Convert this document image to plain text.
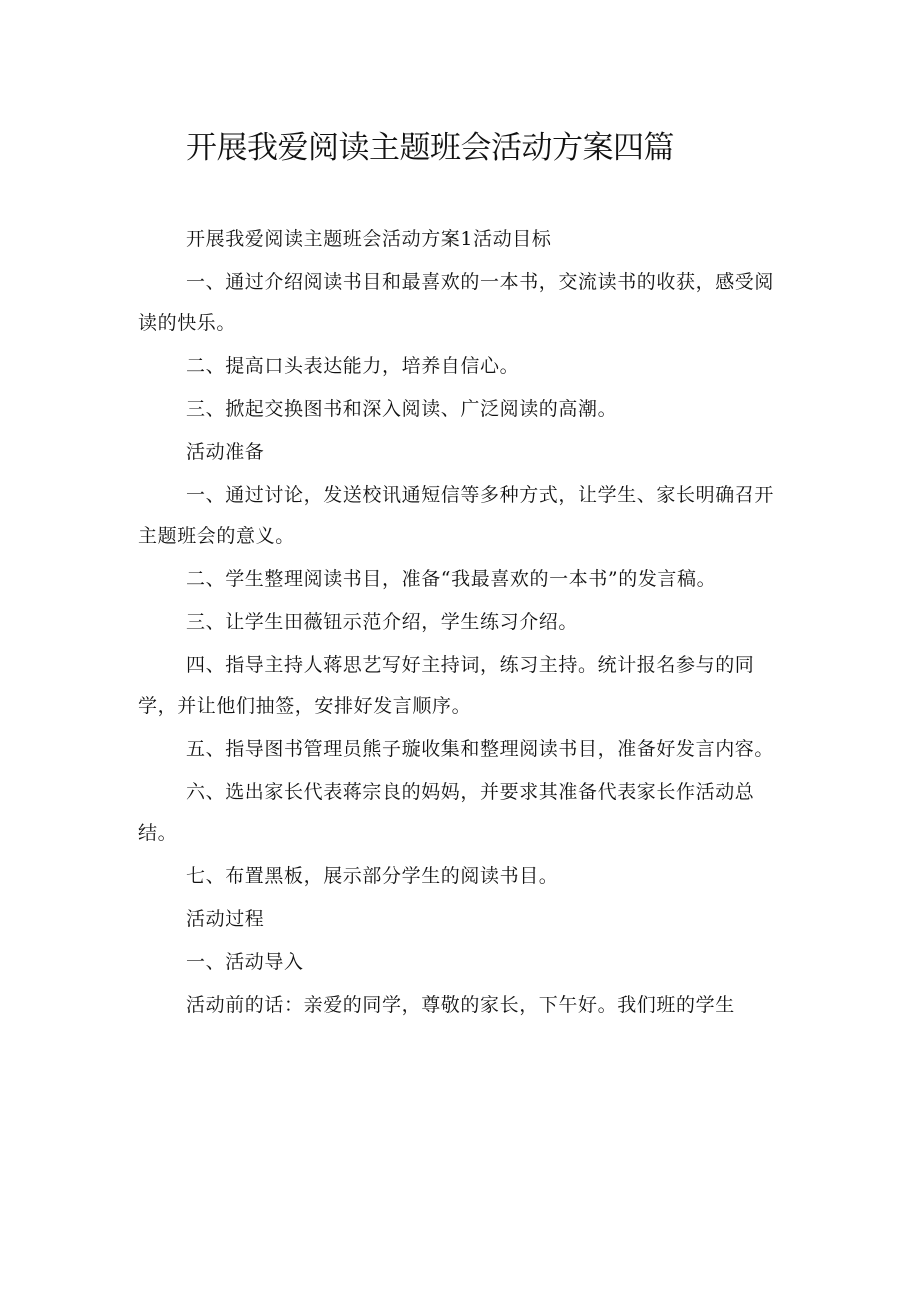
开展我爱阅读主题班会活动方案四篇

开展我爱阅读主题班会活动方案1活动目标

一、通过介绍阅读书目和最喜欢的一本书，交流读书的收获，感受阅读的快乐。

二、提高口头表达能力，培养自信心。

三、掀起交换图书和深入阅读、广泛阅读的高潮。

活动准备

一、通过讨论，发送校讯通短信等多种方式，让学生、家长明确召开主题班会的意义。

二、学生整理阅读书目，准备“我最喜欢的一本书”的发言稿。

三、让学生田薇钮示范介绍，学生练习介绍。

四、指导主持人蒋思艺写好主持词，练习主持。统计报名参与的同学，并让他们抽签，安排好发言顺序。

五、指导图书管理员熊子璇收集和整理阅读书目，准备好发言内容。

六、选出家长代表蒋宗良的妈妈，并要求其准备代表家长作活动总结。

七、布置黑板，展示部分学生的阅读书目。

活动过程

一、活动导入

活动前的话：亲爱的同学，尊敬的家长，下午好。我们班的学生
